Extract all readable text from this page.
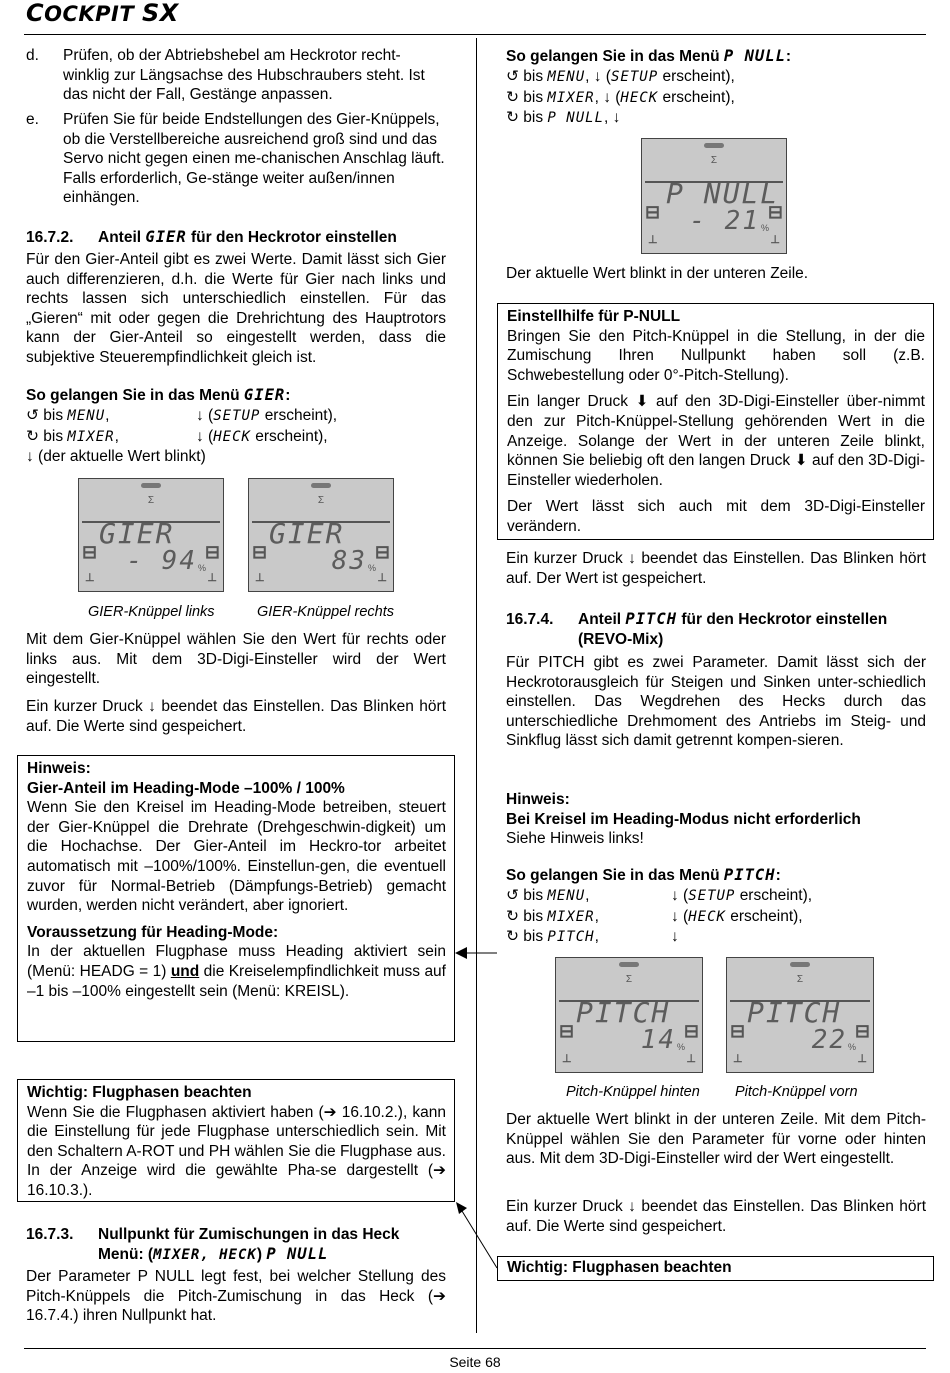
COCKPIT SX
d.	Prüfen, ob der Abtriebshebel am Heckrotor recht-winklig zur Längsachse des Hubschraubers steht. Ist das nicht der Fall, Gestänge anpassen.
e.	Prüfen Sie für beide Endstellungen des Gier-Knüppels, ob die Verstellbereiche ausreichend groß sind und das Servo nicht gegen einen me-chanischen Anschlag läuft. Falls erforderlich, Ge-stänge weiter außen/innen einhängen.
16.7.2. Anteil GIER für den Heckrotor einstellen

Für den Gier-Anteil gibt es zwei Werte. Damit lässt sich Gier auch differenzieren, d.h. die Werte für Gier nach links und rechts lassen sich unterschiedlich einstellen. Für das „Gieren“ mit oder gegen die Drehrichtung des Hauptrotors kann der Gier-Anteil so eingestellt werden, dass die subjektive Steuerempfindlichkeit gleich ist.

So gelangen Sie in das Menü GIER:
↺ bis MENU,	↓ (SETUP erscheint),
↻ bis MIXER,	↓ (HECK erscheint),
↓ (der aktuelle Wert blinkt)
Σ
GIER
- 94 %
⊟	⊟
⊥	⊥
Σ
GIER
83 %
⊟	⊟
⊥	⊥
GIER-Knüppel links	GIER-Knüppel rechts

Mit dem Gier-Knüppel wählen Sie den Wert für rechts oder links aus. Mit dem 3D-Digi-Einsteller wird der Wert eingestellt.

Ein kurzer Druck ↓ beendet das Einstellen. Das Blinken hört auf. Die Werte sind gespeichert.

Hinweis:
Gier-Anteil im Heading-Mode –100% / 100%

Wenn Sie den Kreisel im Heading-Mode betreiben, steuert der Gier-Knüppel die Drehrate (Drehgeschwin-digkeit) um die Hochachse. Der Gier-Anteil im Heckro-tor arbeitet automatisch mit –100%/100%. Einstellun-gen, die eventuell zuvor für Normal-Betrieb (Dämpfungs-Betrieb) gemacht wurden, werden nicht verändert, aber ignoriert.

Voraussetzung für Heading-Mode:

In der aktuellen Flugphase muss Heading aktiviert sein (Menü: HEADG = 1) und die Kreiselempfindlichkeit muss auf –1 bis –100% eingestellt sein (Menü: KREISL).

Wichtig: Flugphasen beachten

Wenn Sie die Flugphasen aktiviert haben (➔ 16.10.2.), kann die Einstellung für jede Flugphase unterschiedlich sein. Mit den Schaltern A-ROT und PH wählen Sie die Flugphase aus. In der Anzeige wird die gewählte Pha-se dargestellt (➔ 16.10.3.).

16.7.3. Nullpunkt für Zumischungen in das Heck
Menü: (MIXER, HECK) P NULL

Der Parameter P NULL legt fest, bei welcher Stellung des Pitch-Knüppels die Pitch-Zumischung in das Heck (➔ 16.7.4.) ihren Nullpunkt hat.

So gelangen Sie in das Menü P NULL:
↺ bis MENU, ↓ (SETUP erscheint),
↻ bis MIXER, ↓ (HECK erscheint),
↻ bis P NULL, ↓
Σ
P NULL
- 21 %
⊟	⊟
⊥	⊥

Der aktuelle Wert blinkt in der unteren Zeile.

Einstellhilfe für P-NULL

Bringen Sie den Pitch-Knüppel in die Stellung, in der die Zumischung Ihren Nullpunkt haben soll (z.B. Schwebestellung oder 0°-Pitch-Stellung).

Ein langer Druck ⬇ auf den 3D-Digi-Einsteller über-nimmt den zur Pitch-Knüppel-Stellung gehörenden Wert in die Anzeige. Solange der Wert in der unteren Zeile blinkt, können Sie beliebig oft den langen Druck ⬇ auf den 3D-Digi-Einsteller wiederholen.

Der Wert lässt sich auch mit dem 3D-Digi-Einsteller verändern.

Ein kurzer Druck ↓ beendet das Einstellen. Das Blinken hört auf. Der Wert ist gespeichert.

16.7.4. Anteil PITCH für den Heckrotor einstellen
(REVO-Mix)

Für PITCH gibt es zwei Parameter. Damit lässt sich der Heckrotorausgleich für Steigen und Sinken unter-schiedlich einstellen. Das Wegdrehen des Hecks durch das unterschiedliche Drehmoment des Antriebs im Steig- und Sinkflug lässt sich damit getrennt kompen-sieren.

Hinweis:
Bei Kreisel im Heading-Modus nicht erforderlich
Siehe Hinweis links!
So gelangen Sie in das Menü PITCH:
↺ bis MENU,	↓ (SETUP erscheint),
↻ bis MIXER,	↓ (HECK erscheint),
↻ bis PITCH,	↓
Σ
PITCH
14 %
⊟	⊟
⊥	⊥
Σ
PITCH
22 %
⊟	⊟
⊥	⊥
Pitch-Knüppel hinten Pitch-Knüppel vorn

Der aktuelle Wert blinkt in der unteren Zeile. Mit dem Pitch-Knüppel wählen Sie den Parameter für vorne oder hinten aus. Mit dem 3D-Digi-Einsteller wird der Wert eingestellt.

Ein kurzer Druck ↓ beendet das Einstellen. Das Blinken hört auf. Die Werte sind gespeichert.

Wichtig: Flugphasen beachten
Seite 68
